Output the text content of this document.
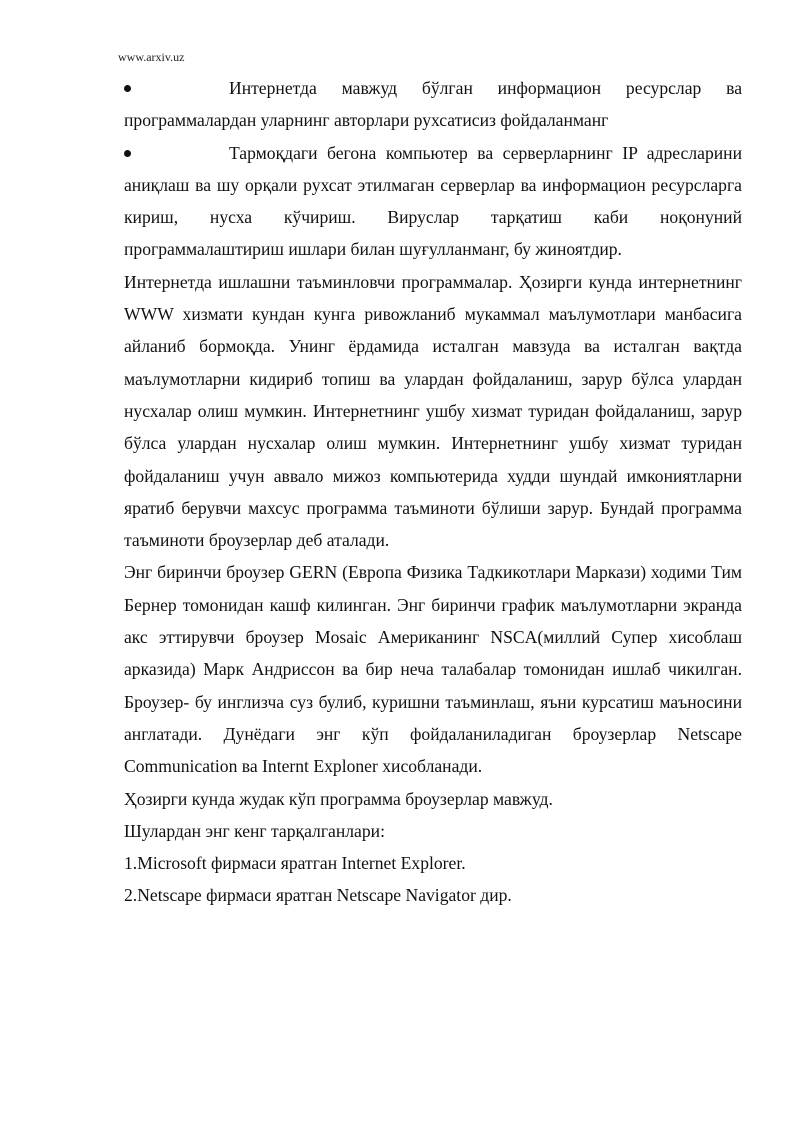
www.arxiv.uz

Интернетда мавжуд бўлган информацион ресурслар ва программалардан уларнинг авторлари рухсатисиз фойдаланманг

Тармоқдаги бегона компьютер ва серверларнинг IP адресларини аниқлаш ва шу орқали рухсат этилмаган серверлар ва информацион ресурсларга кириш, нусха кўчириш. Вируслар тарқатиш каби ноқонуний программалаштириш ишлари билан шуғулланманг, бу жиноятдир.

Интернетда ишлашни таъминловчи программалар. Ҳозирги кунда интернетнинг WWW хизмати кундан кунга ривожланиб мукаммал маълумотлари манбасига айланиб бормоқда. Унинг ёрдамида исталган мавзуда ва исталган вақтда маълумотларни кидириб топиш ва улардан фойдаланиш, зарур бўлса улардан нусхалар олиш мумкин. Интернетнинг ушбу хизмат туридан фойдаланиш, зарур бўлса улардан нусхалар олиш мумкин. Интернетнинг ушбу хизмат туридан фойдаланиш учун аввало мижоз компьютерида худди шундай имкониятларни яратиб берувчи махсус программа таъминоти бўлиши зарур. Бундай программа таъминоти броузерлар деб аталади.

Энг биринчи броузер GERN (Европа Физика Тадкикотлари Маркази) ходими Тим Бернер томонидан кашф килинган. Энг биринчи график маълумотларни экранда акс эттирувчи броузер Mosaic Американинг NSCA(миллий Супер хисоблаш арказида) Марк Андриссон ва бир неча талабалар томонидан ишлаб чикилган. Броузер- бу инглизча суз булиб, куришни таъминлаш, яъни курсатиш маъносини англатади. Дунёдаги энг кўп фойдаланиладиган броузерлар Netscape Communication ва Internt Exploner хисобланади.

Ҳозирги кунда жудак кўп программа броузерлар мавжуд.

Шулардан энг кенг тарқалганлари:

1.Microsoft фирмаси яратган Internet Explorer.

2.Netscape фирмаси яратган Netscape Navigator дир.
